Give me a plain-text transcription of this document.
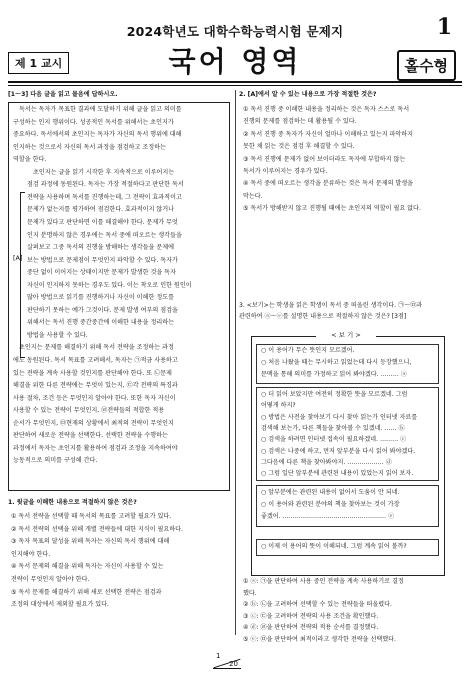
2024학년도 대학수학능력시험 문제지	1
국어 영역
제 1 교시	홀수형
[1～3] 다음 글을 읽고 물음에 답하시오.
[A]
독서는 독자가 목표한 결과에 도달하기 위해 글을 읽고 의미를
구성하는 인지 행위이다. 성공적인 독서를 위해서는 초인지가
중요하다. 독서에서의 초인지는 독자가 자신의 독서 행위에 대해
인지하는 것으로서 자신의 독서 과정을 점검하고 조정하는
역할을 한다.
초인지는 글을 읽기 시작한 후 지속적으로 이루어지는
점검 과정에 동원된다. 독자는 가장 적절하다고 판단한 독서
전략을 사용하며 독서를 진행하는데, 그 전략이 효과적이고
문제가 없는지를 평가하여 점검한다. 효과적이지 않거나
문제가 있다고 판단하면 이를 해결해야 한다. 문제가 무엇
인지 분명하지 않은 경우에는 독서 중에 떠오르는 생각들을
살펴보고 그중 독서의 진행을 방해하는 생각들을 문제에
보는 방법으로 문제점이 무엇인지 파악할 수 있다. 독자가
중단 없이 이어지는 상태이지만 문제가 발생한 것을 독자
자신이 인지하지 못하는 경우도 있다. 이는 착오로 인한 원인이
많아 방법으로 읽기를 진행하거나 자신이 이해한 정도를
판단하기 못하는 예가 그것이다. 문제 발생 여부의 점검을
위해서는 독서 진행 중간중간에 이해한 내용을 정리하는
방법을 사용할 수 있다.
초인지는 문제를 해결하기 위해 독서 전략을 조정하는 과정
에도 동원된다. 독서 목표를 고려해서, 독자는 ㉠적금 사용하고
있는 전략을 계속 사용할 것인지를 판단해야 한다. 또 ㉡문제
해결을 위한 다른 전략에는 무엇이 있는지, ㉢각 전략의 특징과
사용 절차, 조건 등은 무엇인지 알아야 한다. 또한 독자 자신이
사용할 수 있는 전략이 무엇인지, ㉣전략들의 적합한 적용
순서가 무엇인지, ㉤현재의 상황에서 최적의 전략이 무엇인지
판단하여 새로운 전략을 선택한다. 선택한 전략을 수행하는
과정에서 독자는 초인지를 활용하여 점검과 조정을 지속하여야
능동적으로 의미를 구성해 간다.
1. 윗글을 이해한 내용으로 적절하지 않은 것은?
① 독서 전략을 선택할 때 독서의 목표를 고려할 필요가 있다.
② 독서 전략의 선택을 위해 개별 전략들에 대한 지식이 필요하다.
③ 독자 목표의 달성을 위해 독자는 자신의 독서 행위에 대해
인지해야 한다.
④ 독서 문제의 해결을 위해 독자는 자신이 사용할 수 있는
전략이 무엇인지 알아야 한다.
⑤ 독서 문제를 해결하기 위해 새로 선택한 전략은 점검과
조정의 대상에서 제외할 필요가 있다.
2. [A]에서 알 수 있는 내용으로 가장 적절한 것은?
① 독서 진행 중 이해한 내용을 정리하는 것은 독자 스스로 독서
진행의 문제를 점검하는 데 활용될 수 있다.
② 독서 진행 중 독자가 자신이 얼마나 이해하고 있는지 파악하지
못한 채 읽는 것은 점검 후 해결할 수 있다.
③ 독서 진행에 문제가 없어 보이더라도 독자에 부합하지 않는
독서가 이루어지는 경우가 있다.
④ 독서 중에 떠오르는 생각을 분류하는 것은 독서 문제의 발생을
막는다.
⑤ 독서가 방해받지 않고 진행될 때에는 초인지의 역할이 필요 없다.
3. <보기>는 학생을 읽은 학생이 독서 중 떠올린 생각이다. ㉠～㉤과
관련하여 ⓐ～ⓔ를 설명한 내용으로 적절하지 않은 것은? [3점]
< 보 기 >
○ 이 용어가 무슨 뜻인지 모르겠어.
○ 처음 나왔을 때는 무시하고 읽었는데 다시 등장했으니,
문맥을 통해 의미를 가정하고 읽어 봐야겠다. ……… ⓐ
○ 더 읽어 보았지만 여전히 정확한 뜻을 모르겠네. 그럼
어떻게 하지?
○ 방법은 사전을 찾아보기 다시 찾아 읽는가 인터넷 자료를
검색해 보는가, 다른 책들을 찾아볼 수 있겠네. …… ⓑ
○ 검색을 하려면 인터넷 접속이 필요하겠네. ……… ⓒ
○ 검색은 나중에 하고, 먼저 앞부분을 다시 읽어 봐야겠다.
그다음에 다른 책을 찾아봐야지. ……………… ⓓ
○ 그럼 일단 앞부분에 관련된 내용이 있었는지 읽어 보자.
○ 앞부분에는 관련된 내용이 없어서 도움이 안 되네.
○ 이 용어와 관련된 분야의 책을 찾아보는 것이 가장
좋겠어. …………………………………………… ⓔ
○ 이제 이 용어의 뜻이 이해되네. 그럼 계속 읽어 볼까?
① ⓐ: ㉠을 판단하여 사용 중인 전략을 계속 사용하기로 결정
했다.
② ⓑ: ㉡을 고려하여 선택할 수 있는 전략들을 떠올렸다.
③ ⓒ: ㉢을 고려하여 전략의 사용 조건을 확인했다.
④ ⓓ: ㉣을 판단하여 전략의 적용 순서를 결정했다.
⑤ ⓔ: ㉤을 판단하여 최적이라고 생각한 전략을 선택했다.
1
20
